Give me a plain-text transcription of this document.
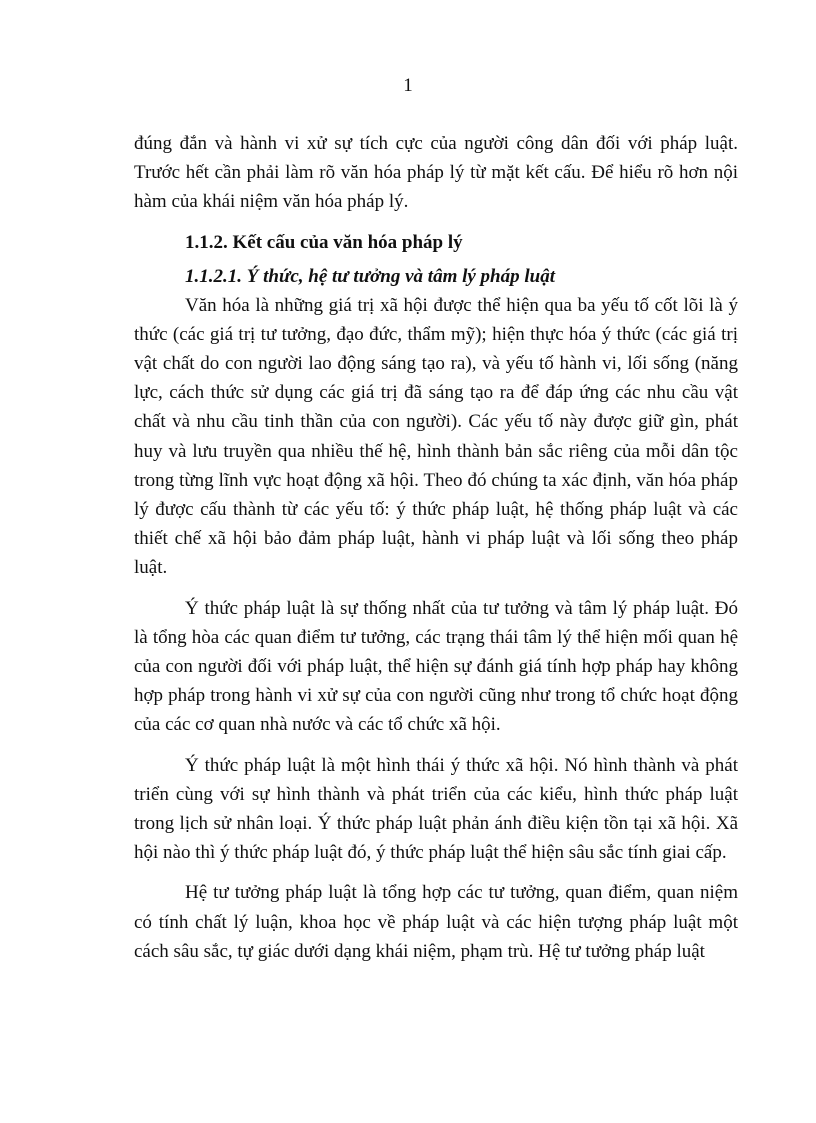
1

đúng đắn và hành vi xử sự tích cực của người công dân đối với pháp luật. Trước hết cần phải làm rõ văn hóa pháp lý từ mặt kết cấu. Để hiểu rõ hơn nội hàm của khái niệm văn hóa pháp lý.

1.1.2. Kết cấu của văn hóa pháp lý
1.1.2.1. Ý thức, hệ tư tưởng và tâm lý pháp luật

Văn hóa là những giá trị xã hội được thể hiện qua ba yếu tố cốt lõi là ý thức (các giá trị tư tưởng, đạo đức, thẩm mỹ); hiện thực hóa ý thức (các giá trị vật chất do con người lao động sáng tạo ra), và yếu tố hành vi, lối sống (năng lực, cách thức sử dụng các giá trị đã sáng tạo ra để đáp ứng các nhu cầu vật chất và nhu cầu tinh thần của con người). Các yếu tố này được giữ gìn, phát huy và lưu truyền qua nhiều thế hệ, hình thành bản sắc riêng của mỗi dân tộc trong từng lĩnh vực hoạt động xã hội. Theo đó chúng ta xác định, văn hóa pháp lý được cấu thành từ các yếu tố: ý thức pháp luật, hệ thống pháp luật và các thiết chế xã hội bảo đảm pháp luật, hành vi pháp luật và lối sống theo pháp luật.

Ý thức pháp luật là sự thống nhất của tư tưởng và tâm lý pháp luật. Đó là tổng hòa các quan điểm tư tưởng, các trạng thái tâm lý thể hiện mối quan hệ của con người đối với pháp luật, thể hiện sự đánh giá tính hợp pháp hay không hợp pháp trong hành vi xử sự của con người cũng như trong tổ chức hoạt động của các cơ quan nhà nước và các tổ chức xã hội.

Ý thức pháp luật là một hình thái ý thức xã hội. Nó hình thành và phát triển cùng với sự hình thành và phát triển của các kiểu, hình thức pháp luật trong lịch sử nhân loại. Ý thức pháp luật phản ánh điều kiện tồn tại xã hội. Xã hội nào thì ý thức pháp luật đó, ý thức pháp luật thể hiện sâu sắc tính giai cấp.

Hệ tư tưởng pháp luật là tổng hợp các tư tưởng, quan điểm, quan niệm có tính chất lý luận, khoa học về pháp luật và các hiện tượng pháp luật một cách sâu sắc, tự giác dưới dạng khái niệm, phạm trù. Hệ tư tưởng pháp luật
